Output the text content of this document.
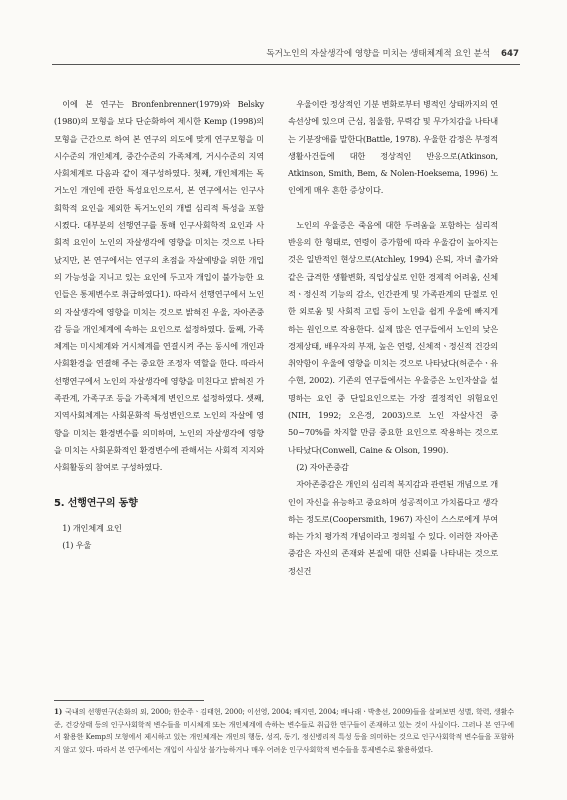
독거노인의 자살생각에 영향을 미치는 생태체계적 요인 분석 647

이에 본 연구는 Bronfenbrenner(1979)와 Belsky (1980)의 모형을 보다 단순화하여 제시한 Kemp (1998)의 모형을 근간으로 하여 본 연구의 의도에 맞게 연구모형을 미시수준의 개인체계, 중간수준의 가족체계, 거시수준의 지역사회체계로 다음과 같이 재구성하였다. 첫째, 개인체계는 독거노인 개인에 관한 특성요인으로서, 본 연구에서는 인구사회학적 요인을 제외한 독거노인의 개별 심리적 특성을 포함시켰다. 대부분의 선행연구를 통해 인구사회학적 요인과 사회적 요인이 노인의 자살생각에 영향을 미치는 것으로 나타났지만, 본 연구에서는 연구의 초점을 자살예방을 위한 개입의 가능성을 지니고 있는 요인에 두고자 개입이 불가능한 요인들은 통제변수로 취급하였다1). 따라서 선행연구에서 노인의 자살생각에 영향을 미치는 것으로 밝혀진 우울, 자아존중감 등을 개인체계에 속하는 요인으로 설정하였다. 둘째, 가족체계는 미시체계와 거시체계를 연결시켜 주는 동시에 개인과 사회환경을 연결해 주는 중요한 조정자 역할을 한다. 따라서 선행연구에서 노인의 자살생각에 영향을 미친다고 밝혀진 가족관계, 가족구조 등을 가족체계 변인으로 설정하였다. 셋째, 지역사회체계는 사회문화적 특성변인으로 노인의 자살에 영향을 미치는 환경변수를 의미하며, 노인의 자살생각에 영향을 미치는 사회문화적인 환경변수에 관해서는 사회적 지지와 사회활동의 참여로 구성하였다.

5. 선행연구의 동향

1) 개인체계 요인

(1) 우울

우울이란 정상적인 기분 변화로부터 병적인 상태까지의 연속선상에 있으며 근심, 침울함, 무력감 및 무가치감을 나타내는 기분장애를 말한다(Battle, 1978). 우울한 감정은 부정적 생활사건들에 대한 정상적인 반응으로(Atkinson, Atkinson, Smith, Bem, & Nolen-Hoeksema, 1996) 노인에게 매우 흔한 증상이다.

노인의 우울증은 죽음에 대한 두려움을 포함하는 심리적 반응의 한 형태로, 연령이 증가함에 따라 우울감이 높아지는 것은 일반적인 현상으로(Atchley, 1994) 은퇴, 자녀 출가와 같은 급격한 생활변화, 직업상실로 인한 경제적 어려움, 신체적ㆍ정신적 기능의 감소, 인간관계 및 가족관계의 단절로 인한 외로움 및 사회적 고립 등이 노인을 쉽게 우울에 빠지게 하는 원인으로 작용한다. 실제 많은 연구들에서 노인의 낮은 경제상태, 배우자의 부재, 높은 연령, 신체적ㆍ정신적 건강의 취약함이 우울에 영향을 미치는 것으로 나타났다(허준수ㆍ유수현, 2002). 기존의 연구들에서는 우울증은 노인자살을 설명하는 요인 중 단일요인으로는 가장 결정적인 위험요인(NIH, 1992; 오은경, 2003)으로 노인 자살사건 중 50~70%를 차지할 만큼 중요한 요인으로 작용하는 것으로 나타났다(Conwell, Caine & Olson, 1990).

(2) 자아존중감

자아존중감은 개인의 심리적 복지감과 관련된 개념으로 개인이 자신을 유능하고 중요하며 성공적이고 가치롭다고 생각하는 정도로(Coopersmith, 1967) 자신이 스스로에게 부여하는 가치 평가적 개념이라고 정의될 수 있다. 이러한 자아존중감은 자신의 존재와 본질에 대한 신뢰를 나타내는 것으로 정신건

1) 국내의 선행연구(손화의 외, 2000; 한순주ㆍ김태현, 2000; 이선영, 2004; 배지연, 2004; 배나래ㆍ박충선, 2009)들을 살펴보면 성별, 학력, 생활수준, 건강상태 등의 인구사회학적 변수들을 미시체계 또는 개인체계에 속하는 변수들로 취급한 연구들이 존재하고 있는 것이 사실이다. 그러나 본 연구에서 활용한 Kemp의 모형에서 제시하고 있는 개인체계는 개인의 행동, 성격, 동기, 정신병리적 특성 등을 의미하는 것으로 인구사회학적 변수들을 포함하지 않고 있다. 따라서 본 연구에서는 개입이 사실상 불가능하거나 매우 어려운 인구사회학적 변수들을 통제변수로 활용하였다.
